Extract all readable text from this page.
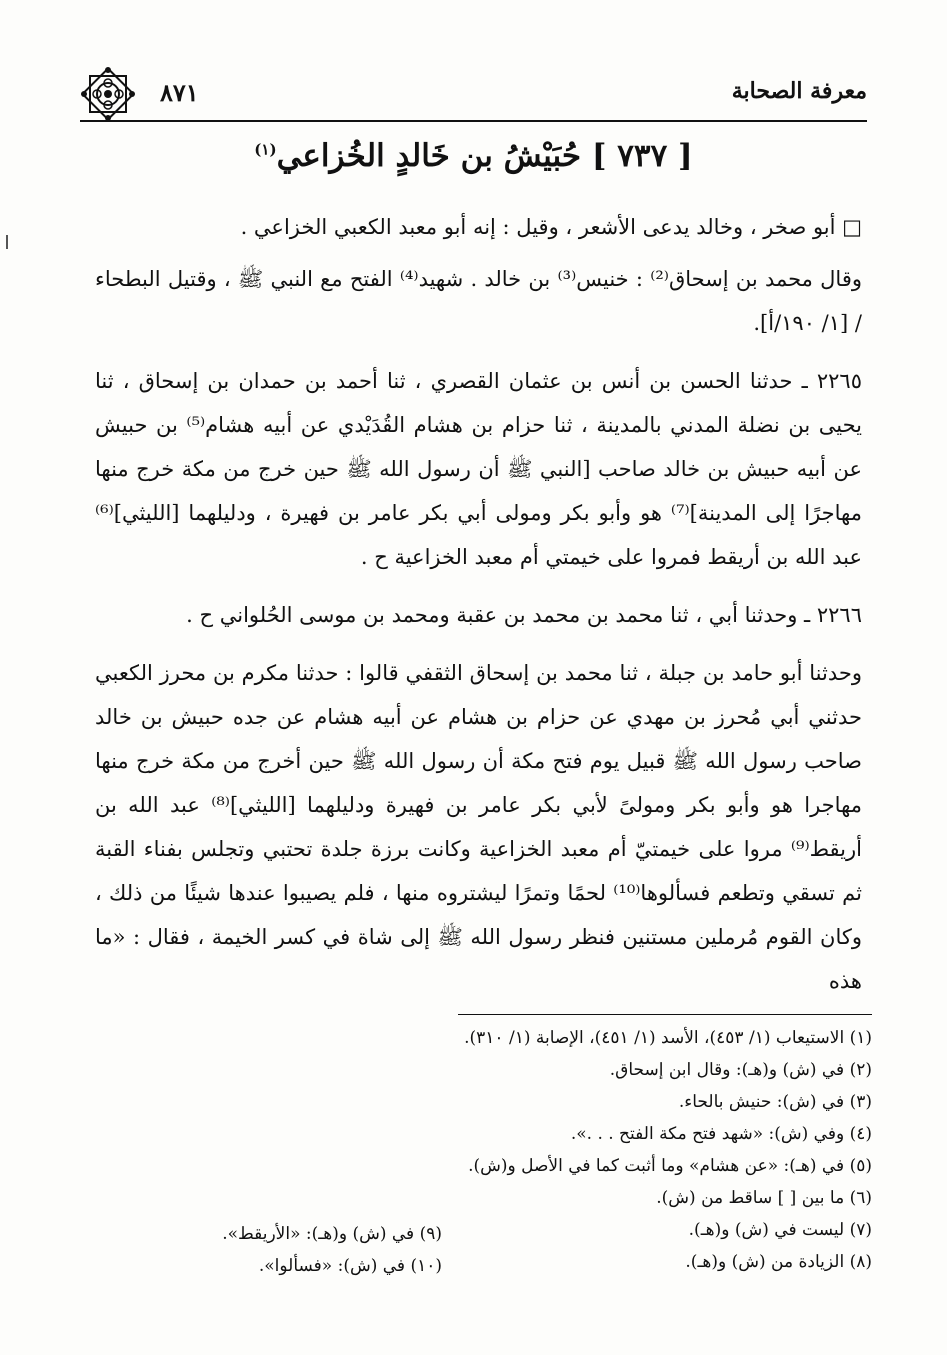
معرفة الصحابة
٨٧١
[ ٧٣٧ ] حُبَيْشُ بن خَالدٍ الخُزاعي$^{(١)}$

□ أبو صخر ، وخالد يدعى الأشعر ، وقيل : إنه أبو معبد الكعبي الخزاعي .

وقال محمد بن إسحاق⁽²⁾ : خنيس⁽³⁾ بن خالد . شهيد⁽⁴⁾ الفتح مع النبي ﷺ ، وقتيل البطحاء / [١/ ١٩٠/أ].

٢٢٦٥ ـ حدثنا الحسن بن أنس بن عثمان القصري ، ثنا أحمد بن حمدان بن إسحاق ، ثنا يحيى بن نضلة المدني بالمدينة ، ثنا حزام بن هشام القُدَيْدي عن أبيه هشام⁽⁵⁾ بن حبيش عن أبيه حبيش بن خالد صاحب [النبي ﷺ أن رسول الله ﷺ حين خرج من مكة خرج منها مهاجرًا إلى المدينة]⁽⁷⁾ هو وأبو بكر ومولى أبي بكر عامر بن فهيرة ، ودليلهما [الليثي]⁽⁶⁾ عبد الله بن أريقط فمروا على خيمتي أم معبد الخزاعية ح .

٢٢٦٦ ـ وحدثنا أبي ، ثنا محمد بن محمد بن عقبة ومحمد بن موسى الحُلواني ح .

وحدثنا أبو حامد بن جبلة ، ثنا محمد بن إسحاق الثقفي قالوا : حدثنا مكرم بن محرز الكعبي حدثني أبي مُحرز بن مهدي عن حزام بن هشام عن أبيه هشام عن جده حبيش بن خالد صاحب رسول الله ﷺ قبيل يوم فتح مكة أن رسول الله ﷺ حين أخرج من مكة خرج منها مهاجرا هو وأبو بكر ومولىً لأبي بكر عامر بن فهيرة ودليلهما [الليثي]⁽⁸⁾ عبد الله بن أريقط⁽⁹⁾ مروا على خيمتيّ أم معبد الخزاعية وكانت برزة جلدة تحتبي وتجلس بفناء القبة ثم تسقي وتطعم فسألوها⁽¹⁰⁾ لحمًا وتمرًا ليشتروه منها ، فلم يصيبوا عندها شيئًا من ذلك ، وكان القوم مُرملين مستنين فنظر رسول الله ﷺ إلى شاة في كسر الخيمة ، فقال : «ما هذه

(١) الاستيعاب (١/ ٤٥٣)، الأسد (١/ ٤٥١)، الإصابة (١/ ٣١٠).
(٢) في (ش) و(هـ): وقال ابن إسحاق.
(٣) في (ش): حنيش بالحاء.
(٤) وفي (ش): «شهد فتح مكة الفتح . . .».
(٥) في (هـ): «عن هشام» وما أثبت كما في الأصل و(ش).
(٦) ما بين [ ] ساقط من (ش).
(٧) ليست في (ش) و(هـ).
(٨) الزيادة من (ش) و(هـ).
(٩) في (ش) و(هـ): «الأريقط».
(١٠) في (ش): «فسألوا».
